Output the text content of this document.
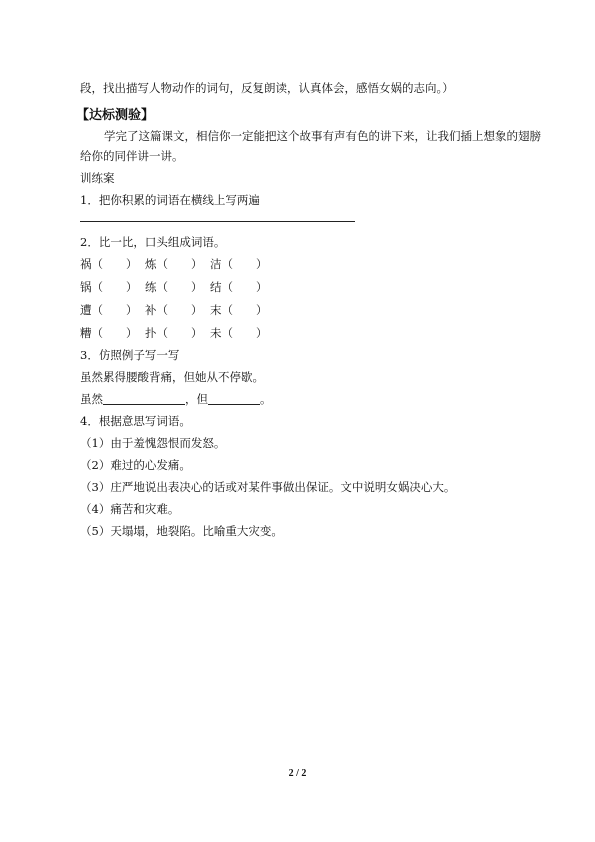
段，找出描写人物动作的词句，反复朗读，认真体会，感悟女娲的志向。）
【达标测验】
学完了这篇课文，相信你一定能把这个故事有声有色的讲下来，让我们插上想象的翅膀
给你的同伴讲一讲。
训练案
1．把你积累的词语在横线上写两遍
2．比一比，口头组成词语。
祸（　　） 炼（　　） 洁（　　）
锅（　　） 练（　　） 结（　　）
遭（　　） 补（　　） 末（　　）
糟（　　） 扑（　　） 未（　　）
3．仿照例子写一写
虽然累得腰酸背痛，但她从不停歇。
虽然	，但	。
4．根据意思写词语。
（1）由于羞愧怨恨而发怒。
（2）难过的心发痛。
（3）庄严地说出表决心的话或对某件事做出保证。文中说明女娲决心大。
（4）痛苦和灾难。
（5）天塌塌，地裂陷。比喻重大灾变。
2 / 2
